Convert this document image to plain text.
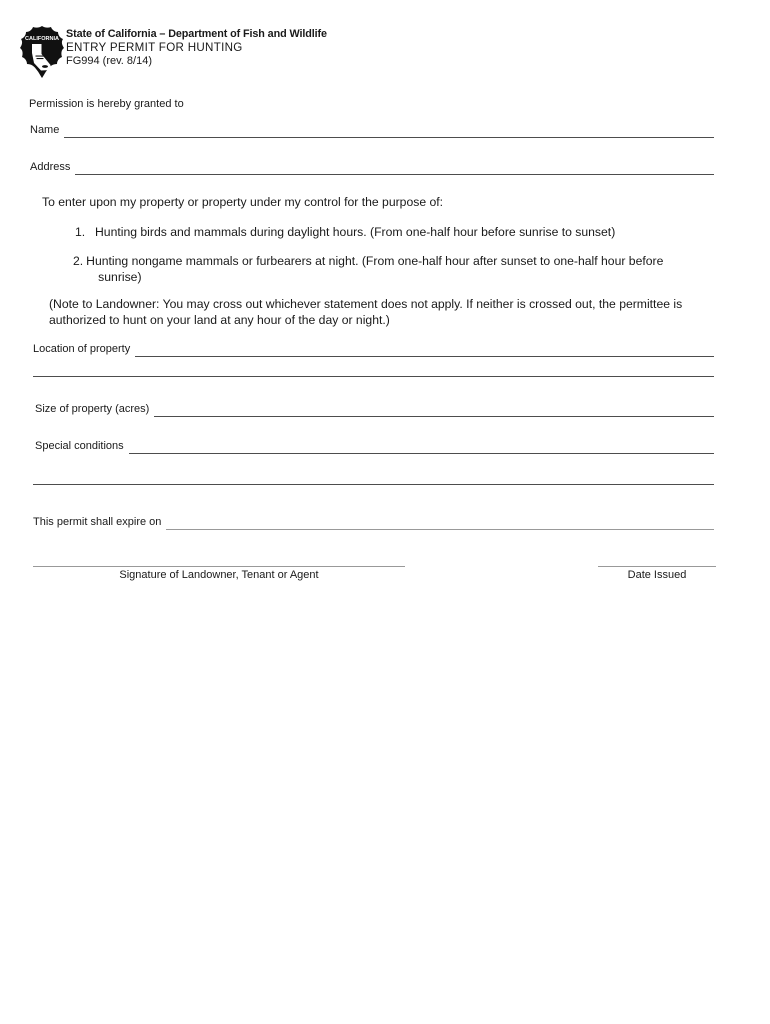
CALIFORNIA State of California – Department of Fish and Wildlife
ENTRY PERMIT FOR HUNTING
FG994 (rev. 8/14)
Permission is hereby granted to
Name
Address
To enter upon my property or property under my control for the purpose of:
1. Hunting birds and mammals during daylight hours. (From one-half hour before sunrise to sunset)
2. Hunting nongame mammals or furbearers at night. (From one-half hour after sunset to one-half hour before sunrise)
(Note to Landowner: You may cross out whichever statement does not apply. If neither is crossed out, the permittee is authorized to hunt on your land at any hour of the day or night.)
Location of property
Size of property (acres)
Special conditions
This permit shall expire on
Signature of Landowner, Tenant or Agent	Date Issued
